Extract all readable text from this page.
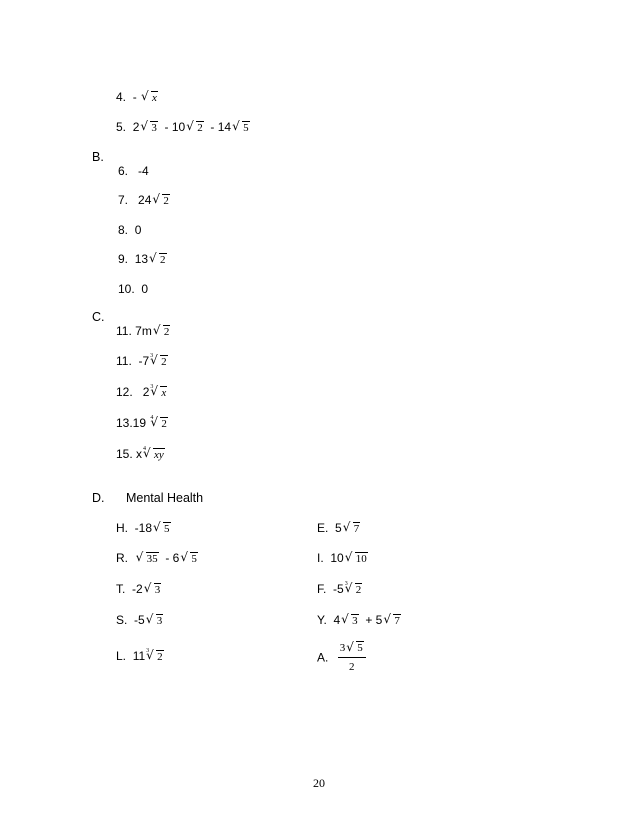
4. - √ x
5. 2 √ 3 - 10 √ 2 - 14 √ 5
B.
6. -4
7. 24 √ 2
8. 0
9. 13 √ 2
10. 0
C.
11. 7m √ 2
11. -7 √ 3 2
12. 2 √ 3 x
13.19 √ 4 2
15. x √ 4 xy
D. Mental Health
H. -18 √ 5
R. √ 35 - 6 √ 5
T. -2 √ 3
S. -5 √ 3
L. 11 √ 3 2
E. 5 √ 7
I. 10 √ 10
F. -5 √ 3 2
Y. 4 √ 3 + 5 √ 7
A. $\frac{3 √ 5}{2}$
20
